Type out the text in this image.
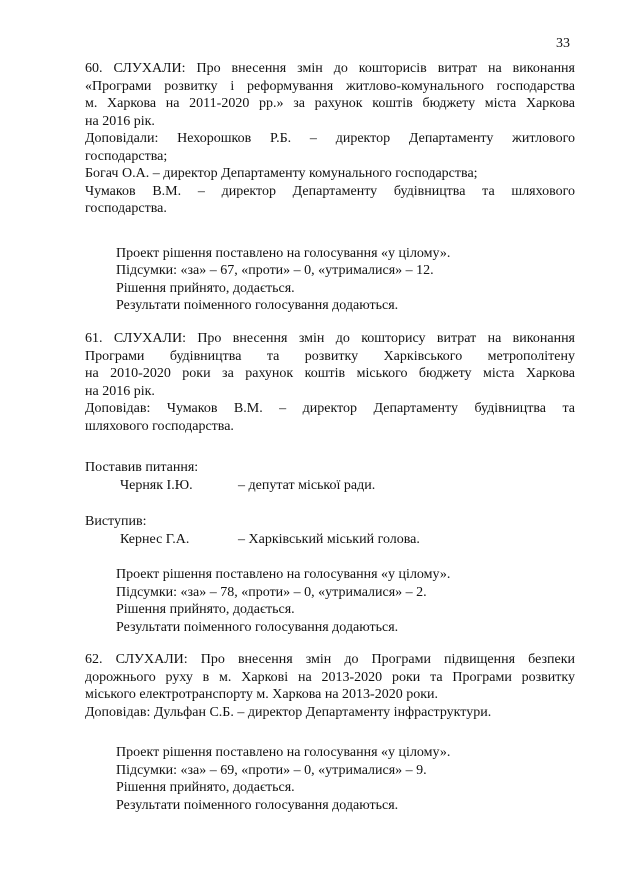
33

60. СЛУХАЛИ: Про внесення змін до кошторисів витрат на виконання

«Програми розвитку і реформування житлово-комунального господарства

м. Харкова на 2011-2020 рр.» за рахунок коштів бюджету міста Харкова

на 2016 рік.

Доповідали: Нехорошков Р.Б. – директор Департаменту житлового

господарства;

Богач О.А. – директор Департаменту комунального господарства;

Чумаков В.М. – директор Департаменту будівництва та шляхового

господарства.

Проект рішення поставлено на голосування «у цілому».

Підсумки: «за» – 67, «проти» – 0, «утрималися» – 12.

Рішення прийнято, додається.

Результати поіменного голосування додаються.

61. СЛУХАЛИ: Про внесення змін до кошторису витрат на виконання

Програми будівництва та розвитку Харківського метрополітену

на 2010-2020 роки за рахунок коштів міського бюджету міста Харкова

на 2016 рік.

Доповідав: Чумаков В.М. – директор Департаменту будівництва та

шляхового господарства.

Поставив питання:

Черняк І.Ю.	– депутат міської ради.

Виступив:

Кернес Г.А.	– Харківський міський голова.

Проект рішення поставлено на голосування «у цілому».

Підсумки: «за» – 78, «проти» – 0, «утрималися» – 2.

Рішення прийнято, додається.

Результати поіменного голосування додаються.

62. СЛУХАЛИ: Про внесення змін до Програми підвищення безпеки

дорожнього руху в м. Харкові на 2013-2020 роки та Програми розвитку

міського електротранспорту м. Харкова на 2013-2020 роки.

Доповідав: Дульфан С.Б. – директор Департаменту інфраструктури.

Проект рішення поставлено на голосування «у цілому».

Підсумки: «за» – 69, «проти» – 0, «утрималися» – 9.

Рішення прийнято, додається.

Результати поіменного голосування додаються.
